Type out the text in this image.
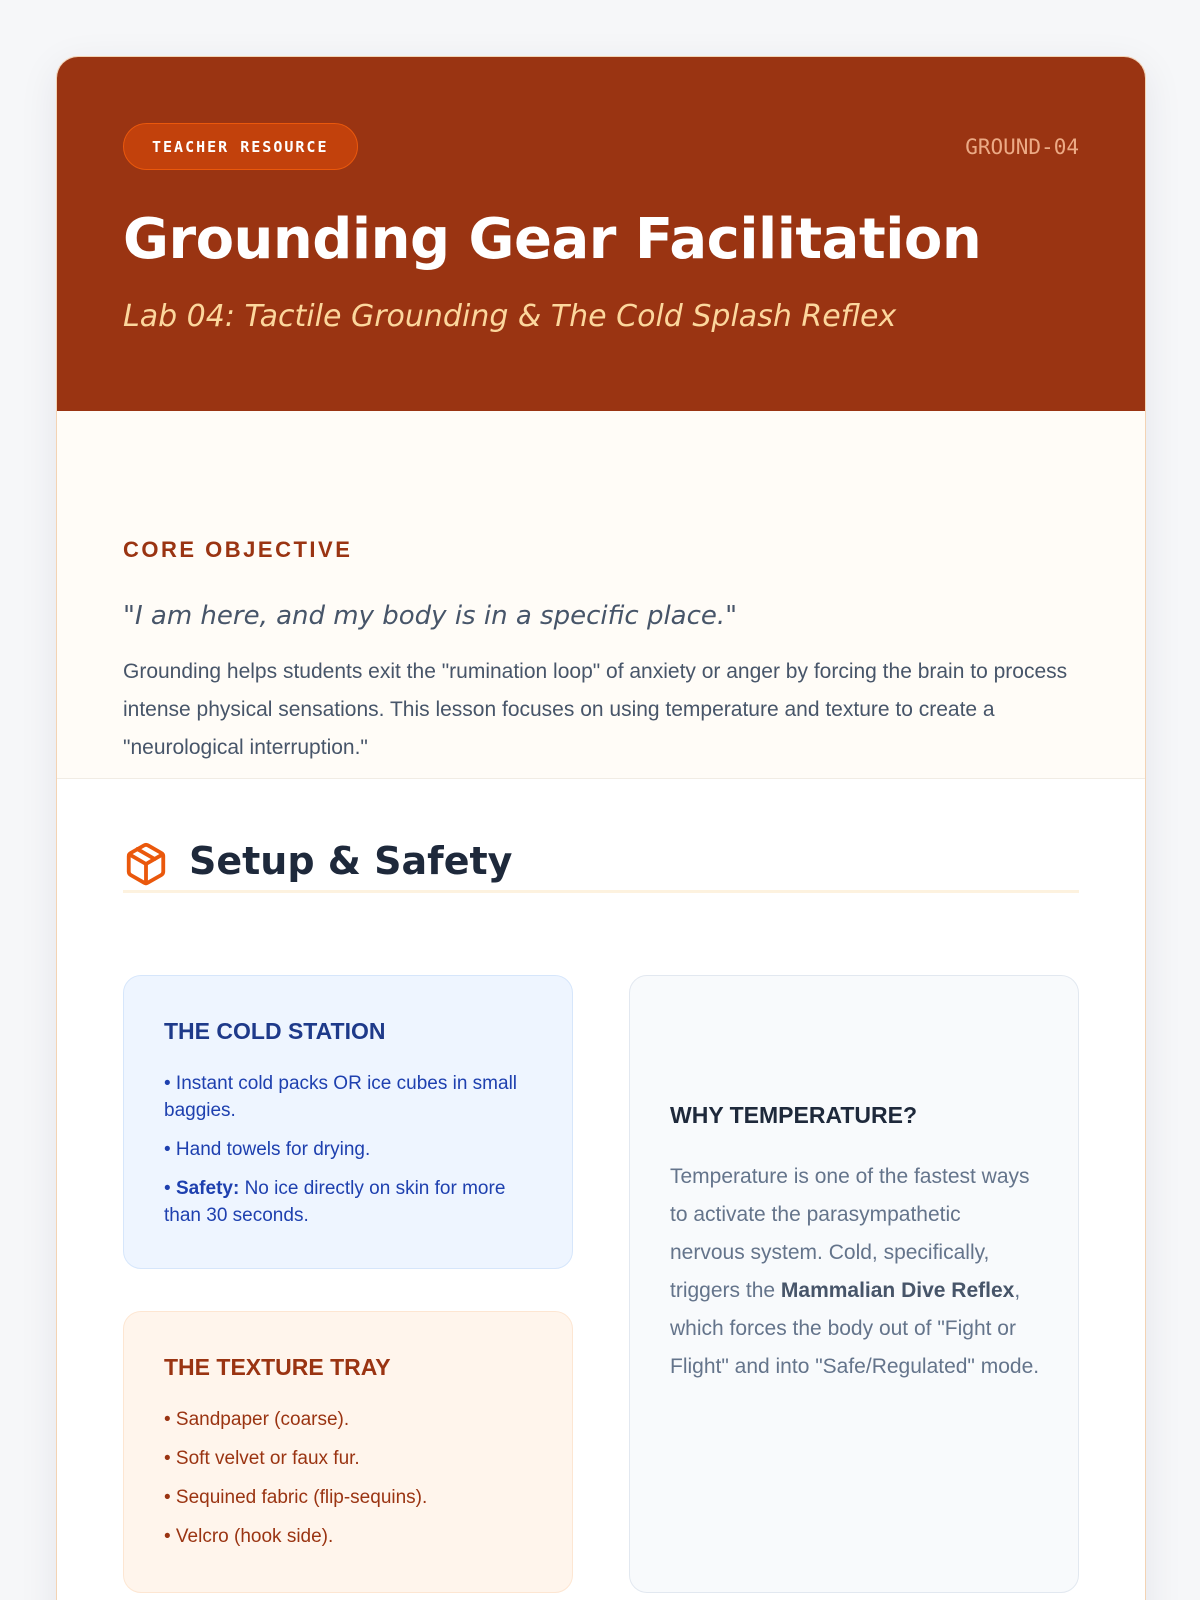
TEACHER RESOURCE	GROUND-04
Grounding Gear Facilitation
Lab 04: Tactile Grounding & The Cold Splash Reflex
CORE OBJECTIVE
"I am here, and my body is in a specific place."

Grounding helps students exit the "rumination loop" of anxiety or anger by forcing the brain to process intense physical sensations. This lesson focuses on using temperature and texture to create a "neurological interruption."

Setup & Safety
THE COLD STATION
• Instant cold packs OR ice cubes in small baggies.
• Hand towels for drying.
• Safety: No ice directly on skin for more than 30 seconds.
THE TEXTURE TRAY
• Sandpaper (coarse).
• Soft velvet or faux fur.
• Sequined fabric (flip-sequins).
• Velcro (hook side).
WHY TEMPERATURE?

Temperature is one of the fastest ways to activate the parasympathetic nervous system. Cold, specifically, triggers the Mammalian Dive Reflex, which forces the body out of "Fight or Flight" and into "Safe/Regulated" mode.
